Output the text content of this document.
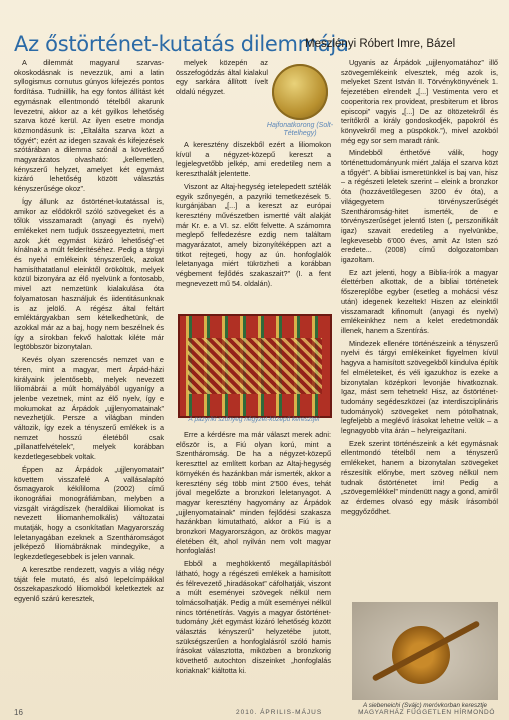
Az őstörténet-kutatás dilemmája
Meszlényi Róbert Imre, Bázel

A dilemmát magyarul szarvas-okoskodásnak is nevezzük, ami a latin syllogismus cornutus gúnyos kifejezés pontos fordítása. Tudniillik, ha egy fontos állítást két egymásnak ellentmondó tételből akarunk levezetni, akkor az a két gyilkos lehetőség szarva közé kerül. Az ilyen esetre mondja közmondásunk is: „Eltalálta szarva közt a tőgyét”; ezért az idegen szavak és kifejezések szótárában a dilemma szónál a következő magyarázatos olvasható: „kellemetlen, kényszerű helyzet, amelyet két egymást kizáró lehetőség között választás kényszerűsége okoz”.

Így állunk az őstörténet-kutatással is, amikor az elődökről szóló szövegeket és a tőlük visszamaradt (anyagi és nyelvi) emlékeket nem tudjuk összeegyeztetni, mert azok „két egymást kizáró lehetőség”-et kínálnak a múlt felderítéséhez. Pedig a tárgyi és nyelvi emlékeink tényszerűek, azokat hamisíthatatlanul eleinktől örököltük, melyek közül bizonyára az élő nyelvünk a fontosabb, mivel azt nemzetünk kialakulása óta folyamatosan használjuk és iidentitásunknak is az jelölő. A régész által feltárt emléktárgyakban sem kételkedhetünk, de azokkal már az a baj, hogy nem beszélnek és így a sírokban fekvő halottak kiléte már legtöbbször bizonytalan.

Kevés olyan szerencsés nemzet van e téren, mint a magyar, mert Árpád-házi királyaink jelentősebb, melyek nevezett liliomábrái a múlt homályából ugyanígy a jelenbe vezetnek, mint az élő nyelv, így e mokumokat az Árpádok „ujjlenyomatainak” nevezhetjük. Persze a világban minden változik, így ezek a tényszerű emlékek is a nemzet hosszú életéből csak „pillanatfelvételek”, melyek korábban kezdetlegesebbek voltak.

Éppen az Árpádok „ujjlenyomatait” követtem visszafelé A vallásalapító ősmagyarok kékíliloma (2002) című ikonográfiai monográfiámban, melyben a vizsgált virágdíszek (heraldikai liliomokat is nevezett liliomanhemolkális) változatai mutatják, hogy a csonkítatlan Magyarország leletanyagában ezeknek a Szentháromságot jelképező liliomábráknak mindegyike, a legkezdetlegesebbek is jelen vannak.

A keresztbe rendezett, vagyis a világ négy táját fele mutató, és alsó lepelcímpáikkal összekapaszkodó liliomokból keletkeztek az egyenlő szárú keresztek,

melyek közepén az összefogódzás által kialakul egy sarkára állított ívelt oldalú négyzet.

Hajfonatkorong (Solt-Tételhegy)

A keresztény díszekből ezért a liliomokon kívül a négyzet-közepű kereszt a legjelegvetőbb jelkép, ami eredetileg nem a kereszthalált jelentette.

Viszont az Altaj-hegység ietelepedett sztélák egyik szőnyegén, a pazyriki temetkezések 5. kurgánjában „[...] a kereszt az európai keresztény művészetben ismertté vált alakját már Kr. e. a VI. sz. előtt felvette. A számomra meglepő felfedezésre ezdig nem találtam magyarázatot, amely bizonyítéképpen azt a titkot rejtegeti, hogy az ún. honfoglalók leletanyaga miért tükrözheti a korábban végbement fejlődés szakaszait?” (I. a fent megnevezett mű 54. oldalán).

A pazyriki szőnyeg négyzet-közepű keresztjei

Erre a kérdésre ma már választ merek adni: először is, a Fiú olyan korú, mint a Szentháromság. De ha a négyzet-közepű kereszttel az említett korban az Altaj-hegység környékén és hazánkban már ismerték, akkor a keresztény ség több mint 2'500 éves, tehát jóval megelőzte a bronzkori leletanyagot. A magyar keresztény hagyomány az Árpádok „ujjlenyomatainak” minden fejlődési szakasza hazánkban kimutatható, akkor a Fiú is a bronzkori Magyarországon, az örökös magyar életében élt, ahol nyilván nem volt magyar honfoglalás!

Ebből a meghökkentő megállapításból látható, hogy a régészeti emlékek a hamisított és félrevezető „hiradásokat” cáfolhatják, viszont a múlt eseményei szövegek nélkül nem tolmácsolhatják. Pedig a múlt eseményei nélkül nincs történetírás. Vagyis a magyar őstörténet-tudomány „két egymást kizáró lehetőség között választás kényszerű” helyzetébe jutott, szükségszerűen a honfoglalásról szóló hamis írásokat választotta, miközben a bronzkorig követhető autochton díszeinket „honfoglalás koriaknak” kiáltotta ki.

Ugyanis az Árpádok „ujjlenyomatához” illő szövegemlékeink elvesztek, még azok is, melyeket Szent István II. Törvénykönyvének 1. fejezetében elrendelt „[...] Vestimenta vero et cooperitoria rex provideat, presbiterum et libros episcopi” vagyis „[...] De az öltözetekről és terítőkről a király gondoskodjék, papokról és könyvekről meg a püspökök.”), mivel azokból még egy sor sem maradt ránk.

Mindebből érthetővé válik, hogy történettudományunk miért „talája el szarva közt a tőgyét”. A bibliai ismeretünkkel is baj van, hisz – a régészeti leletek szerint – eleink a bronzkor óta (hozzávetőlegesen 3200 év óta), a világegyetem törvényszerűségét Szentháromság-hitet ismerték, de e törvényszerűséget jelentő Isten („ perszonifikált igaz) szavait eredetileg a nyelvünkbe, legkevesebb 6'000 éves, amit Az Isten szó eredete... (2008) című dolgozatomban igazoltam.

Ez azt jelenti, hogy a Biblia-írók a magyar élettérben alkottak, de a bibliai történetek főszereplőbe egyber (esetleg a mohácsi vész után) idegenek kezeltek! Hiszen az eleinktől visszamaradt kifinomult (anyagi és nyelvi) emlékeinkhez nem a kelet eredetmondák illenek, hanem a Szentírás.

Mindezek ellenére történészeink a tényszerű nyelvi és tárgyi emlékeinket figyelmen kívül hagyva a hamisított szövegekből kiindulva építik fel elméleteiket, és véli igazukhoz is ezeke a bizonytalan középkori levonjáe hivatkoznak. Igaz, mást sem tehetnek! Hisz, az őstörténet-tudomány segédeszközei (az interdiszciplináris tudományok) szövegeket nem pótolhatnak, legfeljebb a meglévő írásokat lehetne velük – a legnagyobb víta árán – helyreigazítani.

Ezek szerint történészeink a két egymásnak ellentmondó tételből nem a tényszerű emlékeket, hanem a bizonytalan szövegeket részesítik előnybe, mert szöveg nélkül nem tudnak őstörténetet írni! Pedig a „szövegemlékkel” mindenütt nagy a gond, amiről az érdemes olvasó egy másik írásomból meggyőződhet.

A siebeneichi (Svájc) meróvkorban keresztje
16	2010. ÁPRILIS-MÁJUS	MAGYARHÁZ FÜGGETLEN HÍRMONDÓ
